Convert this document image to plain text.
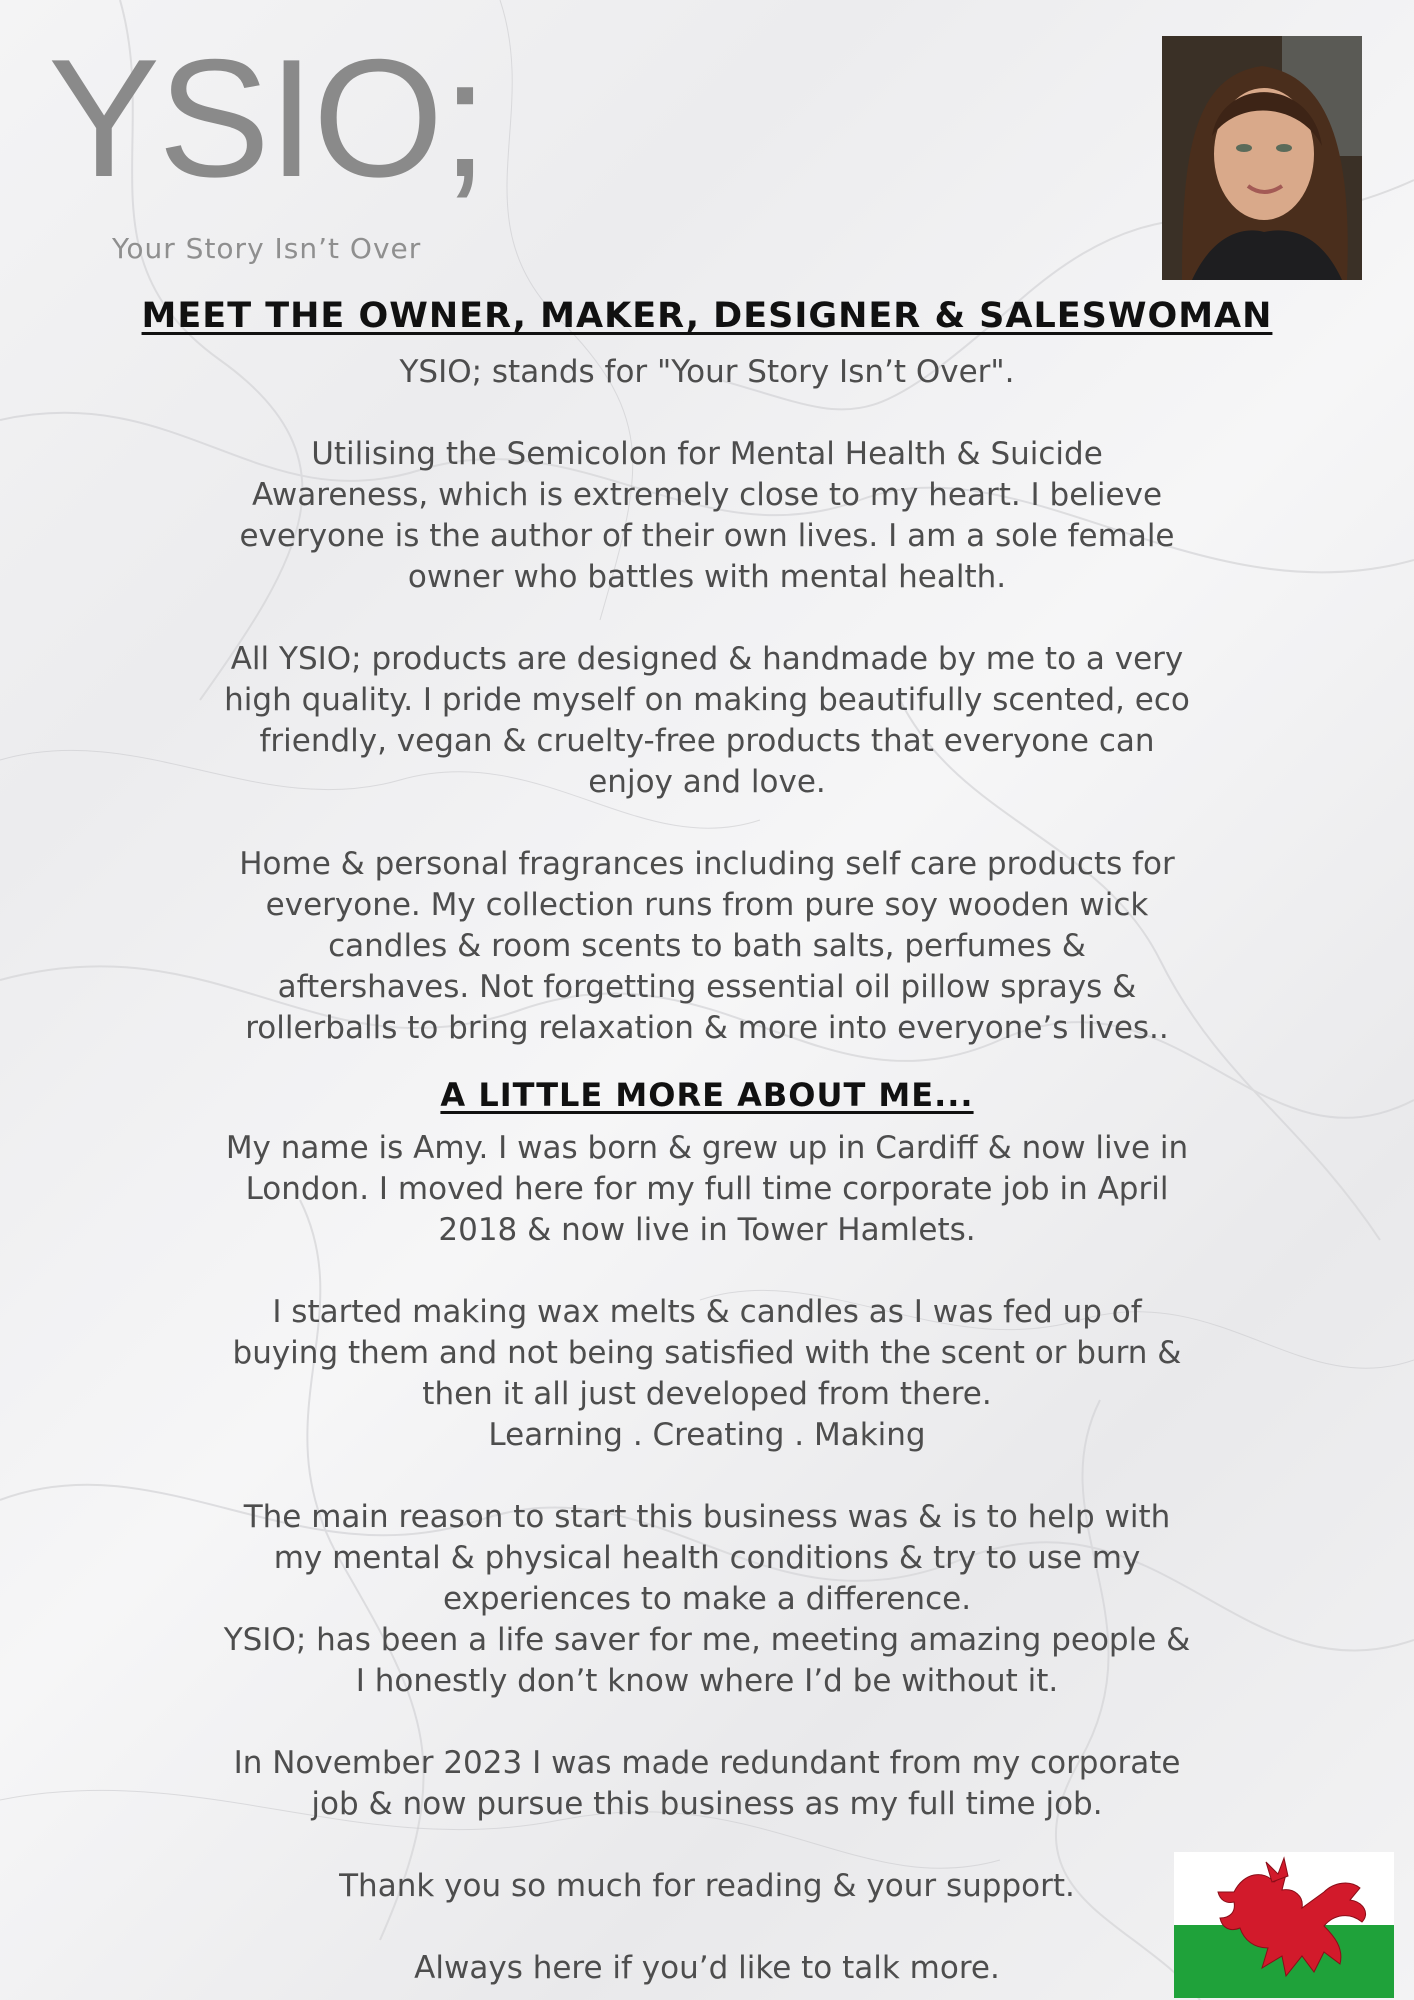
YSIO;
Your Story Isn’t Over
MEET THE OWNER, MAKER, DESIGNER & SALESWOMAN

YSIO; stands for "Your Story Isn’t Over".

Utilising the Semicolon for Mental Health & Suicide
Awareness, which is extremely close to my heart. I believe
everyone is the author of their own lives. I am a sole female
owner who battles with mental health.

All YSIO; products are designed & handmade by me to a very
high quality. I pride myself on making beautifully scented, eco
friendly, vegan & cruelty-free products that everyone can
enjoy and love.

Home & personal fragrances including self care products for
everyone. My collection runs from pure soy wooden wick
candles & room scents to bath salts, perfumes &
aftershaves. Not forgetting essential oil pillow sprays &
rollerballs to bring relaxation & more into everyone’s lives..

A LITTLE MORE ABOUT ME...

My name is Amy. I was born & grew up in Cardiff & now live in
London. I moved here for my full time corporate job in April
2018 & now live in Tower Hamlets.

I started making wax melts & candles as I was fed up of
buying them and not being satisfied with the scent or burn &
then it all just developed from there.
Learning . Creating . Making

The main reason to start this business was & is to help with
my mental & physical health conditions & try to use my
experiences to make a difference.
YSIO; has been a life saver for me, meeting amazing people &
I honestly don’t know where I’d be without it.

In November 2023 I was made redundant from my corporate
job & now pursue this business as my full time job.

Thank you so much for reading & your support.

Always here if you’d like to talk more.
